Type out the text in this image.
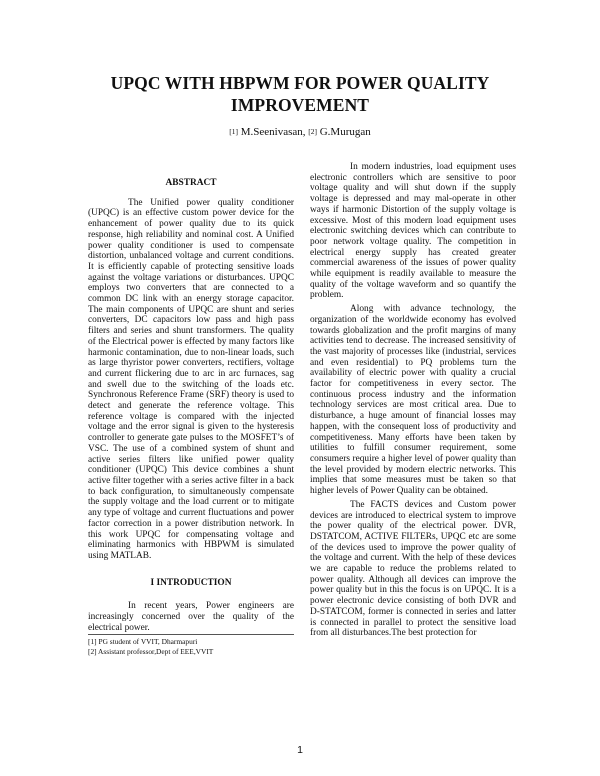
UPQC WITH HBPWM FOR POWER QUALITY
IMPROVEMENT
[1] M.Seenivasan, [2] G.Murugan
ABSTRACT

The Unified power quality conditioner (UPQC) is an effective custom power device for the enhancement of power quality due to its quick response, high reliability and nominal cost. A Unified power quality conditioner is used to compensate distortion, unbalanced voltage and current conditions. It is efficiently capable of protecting sensitive loads against the voltage variations or disturbances. UPQC employs two converters that are connected to a common DC link with an energy storage capacitor. The main components of UPQC are shunt and series converters, DC capacitors low pass and high pass filters and series and shunt transformers. The quality of the Electrical power is effected by many factors like harmonic contamination, due to non-linear loads, such as large thyristor power converters, rectifiers, voltage and current flickering due to arc in arc furnaces, sag and swell due to the switching of the loads etc. Synchronous Reference Frame (SRF) theory is used to detect and generate the reference voltage. This reference voltage is compared with the injected voltage and the error signal is given to the hysteresis controller to generate gate pulses to the MOSFET’s of VSC. The use of a combined system of shunt and active series filters like unified power quality conditioner (UPQC) This device combines a shunt active filter together with a series active filter in a back to back configuration, to simultaneously compensate the supply voltage and the load current or to mitigate any type of voltage and current fluctuations and power factor correction in a power distribution network. In this work UPQC for compensating voltage and eliminating harmonics with HBPWM is simulated using MATLAB.

I INTRODUCTION

In recent years, Power engineers are increasingly concerned over the quality of the electrical power.

[1] PG student of VVIT, Dharmapuri
[2] Assistant professor,Dept of EEE,VVIT

In modern industries, load equipment uses electronic controllers which are sensitive to poor voltage quality and will shut down if the supply voltage is depressed and may mal-operate in other ways if harmonic Distortion of the supply voltage is excessive. Most of this modern load equipment uses electronic switching devices which can contribute to poor network voltage quality. The competition in electrical energy supply has created greater commercial awareness of the issues of power quality while equipment is readily available to measure the quality of the voltage waveform and so quantify the problem.

Along with advance technology, the organization of the worldwide economy has evolved towards globalization and the profit margins of many activities tend to decrease. The increased sensitivity of the vast majority of processes like (industrial, services and even residential) to PQ problems turn the availability of electric power with quality a crucial factor for competitiveness in every sector. The continuous process industry and the information technology services are most critical area. Due to disturbance, a huge amount of financial losses may happen, with the consequent loss of productivity and competitiveness. Many efforts have been taken by utilities to fulfill consumer requirement, some consumers require a higher level of power quality than the level provided by modern electric networks. This implies that some measures must be taken so that higher levels of Power Quality can be obtained.

The FACTS devices and Custom power devices are introduced to electrical system to improve the power quality of the electrical power. DVR, DSTATCOM, ACTIVE FILTERs, UPQC etc are some of the devices used to improve the power quality of the voltage and current. With the help of these devices we are capable to reduce the problems related to power quality. Although all devices can improve the power quality but in this the focus is on UPQC. It is a power electronic device consisting of both DVR and D-STATCOM, former is connected in series and latter is connected in parallel to protect the sensitive load from all disturbances.The best protection for

1
